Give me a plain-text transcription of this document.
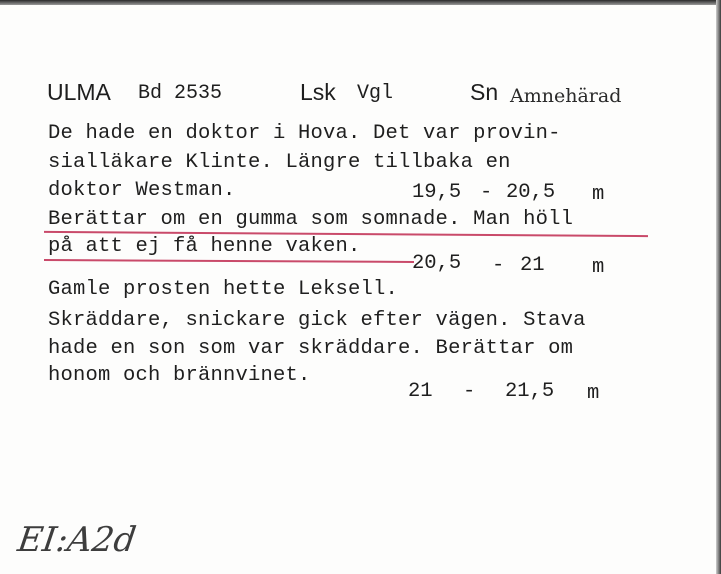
ULMA Bd 2535	Lsk Vgl	Sn Amnehärad
De hade en doktor i Hova. Det var provin-
sialläkare Klinte. Längre tillbaka en
doktor Westman.
Berättar om en gumma som somnade. Man höll
på att ej få henne vaken.
Gamle prosten hette Leksell.
Skräddare, snickare gick efter vägen. Stava
hade en son som var skräddare. Berättar om
honom och brännvinet.
19,5 - 20,5 m
20,5 - 21 m
21 - 21,5 m
EI:A2d
